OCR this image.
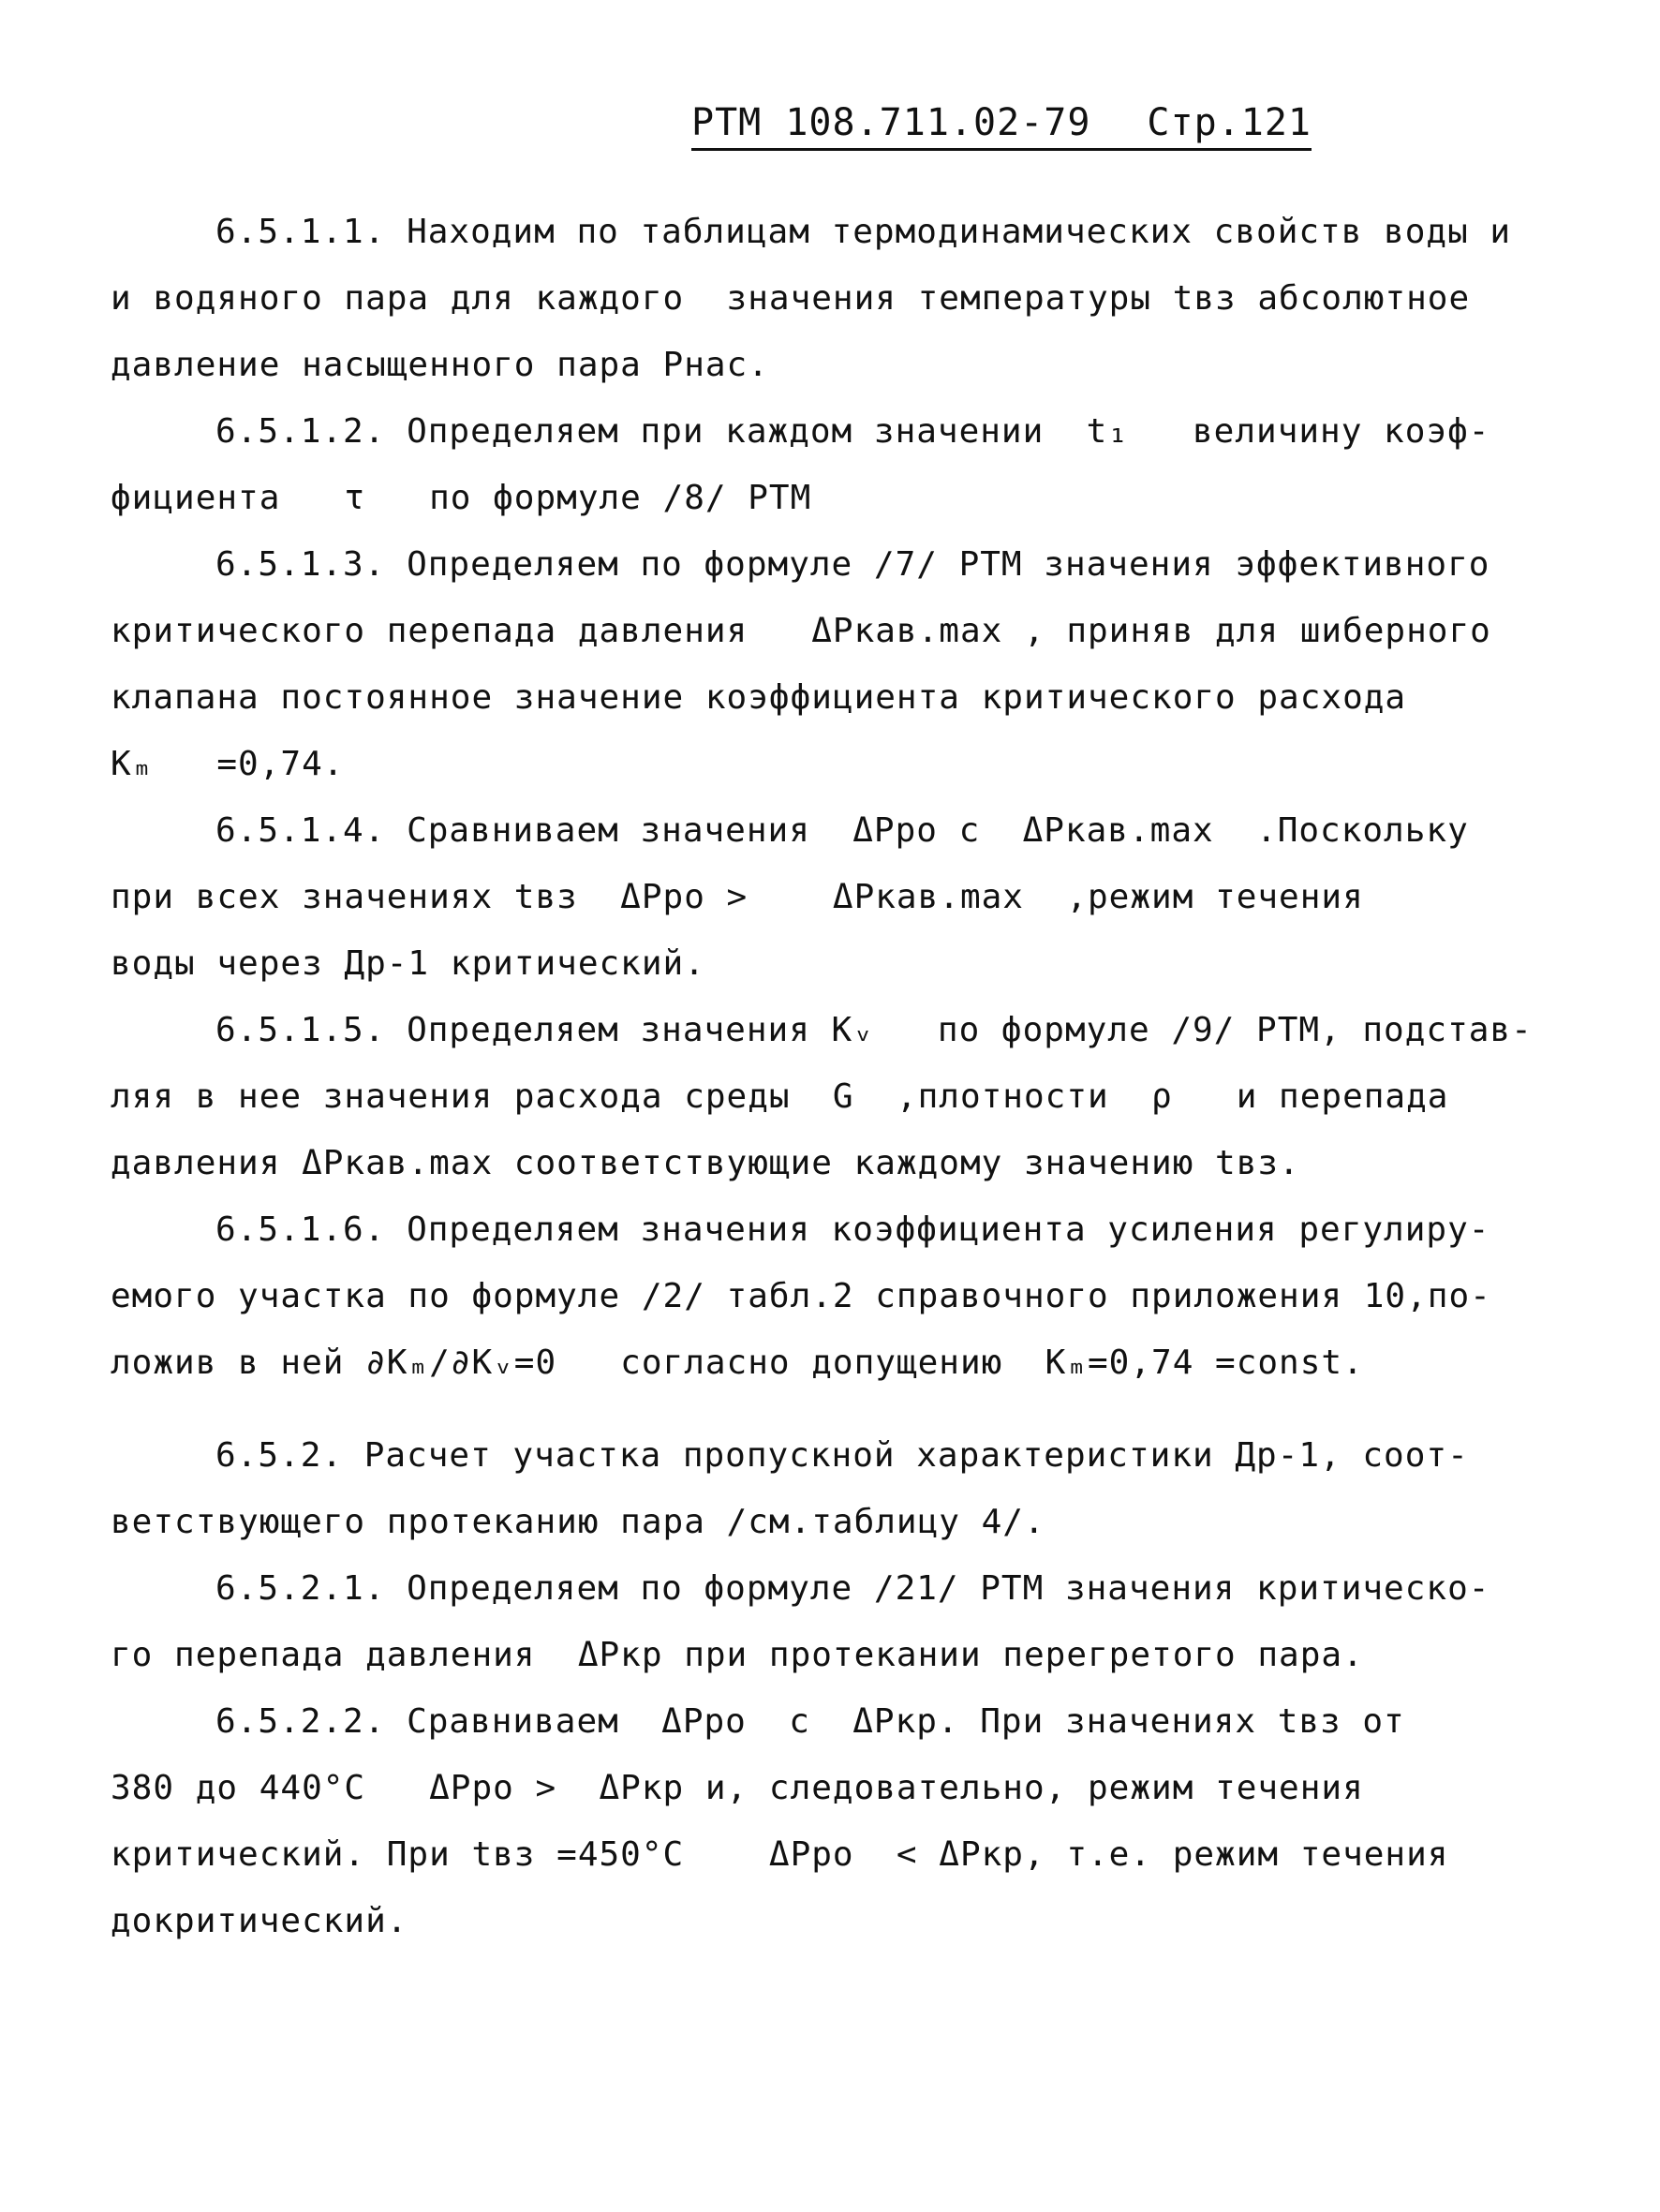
РТМ 108.711.02-79 Стр.121
6.5.1.1. Находим по таблицам термодинамических свойств воды и
и водяного пара для каждого  значения температуры tвз абсолютное
давление насыщенного пара Рнас.
6.5.1.2. Определяем при каждом значении  t₁   величину коэф-
фициента   τ   по формуле /8/ РТМ
6.5.1.3. Определяем по формуле /7/ РТМ значения эффективного
критического перепада давления   ΔРкав.max , приняв для шиберного
клапана постоянное значение коэффициента критического расхода
Kₘ   =0,74.
6.5.1.4. Сравниваем значения  ΔРро с  ΔРкав.max  .Поскольку
при всех значениях tвз  ΔРро >    ΔРкав.max  ,режим течения
воды через Др-1 критический.
6.5.1.5. Определяем значения Kᵥ   по формуле /9/ РТМ, подстав-
ляя в нее значения расхода среды  G  ,плотности  ρ   и перепада
давления ΔРкав.max соответствующие каждому значению tвз.
6.5.1.6. Определяем значения коэффициента усиления регулиру-
емого участка по формуле /2/ табл.2 справочного приложения 10,по-
ложив в ней ∂Kₘ/∂Kᵥ=0   согласно допущению  Kₘ=0,74 =const.
6.5.2. Расчет участка пропускной характеристики Др-1, соот-
ветствующего протеканию пара /см.таблицу 4/.
6.5.2.1. Определяем по формуле /21/ РТМ значения критическо-
го перепада давления  ΔРкр при протекании перегретого пара.
6.5.2.2. Сравниваем  ΔРро  с  ΔРкр. При значениях tвз от
380 до 440°С   ΔРро >  ΔРкр и, следовательно, режим течения
критический. При tвз =450°С    ΔРро  < ΔРкр, т.е. режим течения
докритический.
